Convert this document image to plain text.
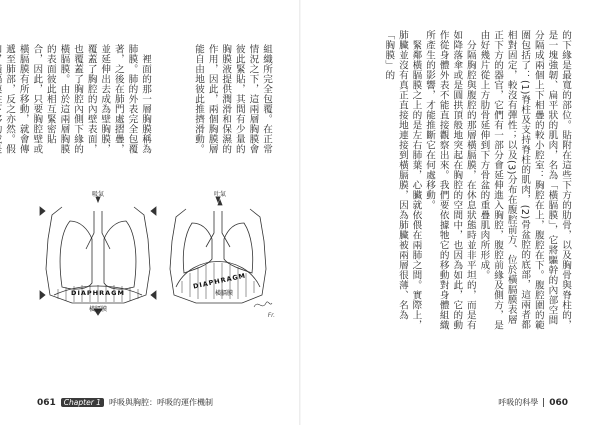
組織所完全包覆。在正常情況之下，這兩層胸膜會彼此緊貼，其間有少量的胸膜液提供潤滑和保濕的作用，因此，兩個胸膜層能自由地彼此推擠滑動。

裡面的那一層胸膜稱為肺膜。肺的外表完全包覆著，之後在肺門處摺疊，並延伸出去成為壁胸膜，覆蓋了胸腔的內壁表面，也覆蓋了胸腔內側下緣的橫膈膜。由於這兩層胸膜的表面彼此相互緊密貼合，因此，只要胸腔壁或橫膈膜有所移動，就會傳遞至肺部，反之亦然。假

吸氣	吐氣
DIAPHRAGM
橫膈膜
DIAPHRAGM
橫膈膜
Fr.
061	Chapter 1	呼吸與胸腔：呼吸的運作機制

的下緣是最寬的部位。貼附在這些下方的肋骨，以及胸骨與脊柱的，是一塊強韌、扁平狀的肌肉，名為「橫膈膜」，它將驅幹的內部空間分隔成兩個上下相疊的較小腔室：胸腔在上，腹腔在下。腹腔圍的範圍包括了：(1)脊柱及支持脊柱的肌肉，(2)骨盆腔的底部，這兩者都相對固定，較沒有彈性；以及(3)分布在腹腔前方、位於橫膈膜表層正下方的器官，它們有一部分會延伸進入胸腔，腹腔前緣及側方，是由好幾片從上方肋骨延伸到下方骨盆的重疊肌肉所形成。

分隔胸腔與腹腔的那層橫膈膜，在休息狀態時並非平坦的，而是有如降落傘或是圓拱頂般地突起在胸腔的空間中，也因為如此，它的動作從身體外表不能直接觀察出來。我們要依據牠它的移動對身體組織所產生的影響，才能推斷它在何處移動。

緊鄰橫膈膜之上的是左右肺葉，心臟就依偎在兩肺之間。實際上，肺臟並沒有真正直接地連接到橫膈膜，因為肺臟被兩層很薄、名為「胸膜」的

呼吸的科學 060
